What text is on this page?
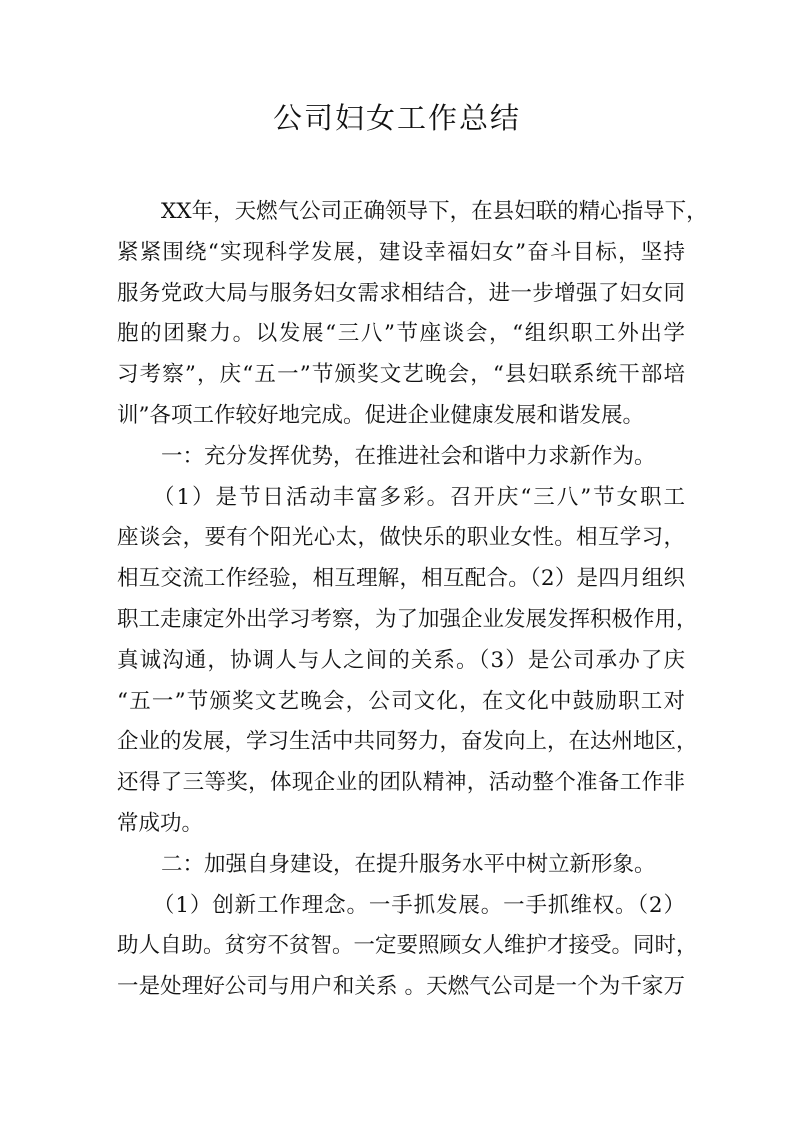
公司妇女工作总结
XX年，天燃气公司正确领导下，在县妇联的精心指导下，
紧紧围绕“实现科学发展，建设幸福妇女”奋斗目标，坚持
服务党政大局与服务妇女需求相结合，进一步增强了妇女同
胞的团聚力。以发展“三八”节座谈会，“组织职工外出学
习考察”，庆“五一”节颁奖文艺晚会，“县妇联系统干部培
训”各项工作较好地完成。促进企业健康发展和谐发展。
一：充分发挥优势，在推进社会和谐中力求新作为。
（1）是节日活动丰富多彩。召开庆“三八”节女职工
座谈会，要有个阳光心太，做快乐的职业女性。相互学习，
相互交流工作经验，相互理解，相互配合。（2）是四月组织
职工走康定外出学习考察，为了加强企业发展发挥积极作用，
真诚沟通，协调人与人之间的关系。（3）是公司承办了庆
“五一”节颁奖文艺晚会，公司文化，在文化中鼓励职工对
企业的发展，学习生活中共同努力，奋发向上，在达州地区，
还得了三等奖，体现企业的团队精神，活动整个准备工作非
常成功。
二：加强自身建设，在提升服务水平中树立新形象。
（1）创新工作理念。一手抓发展。一手抓维权。（2）
助人自助。贫穷不贫智。一定要照顾女人维护才接受。同时，
一是处理好公司与用户和关系 。天燃气公司是一个为千家万
